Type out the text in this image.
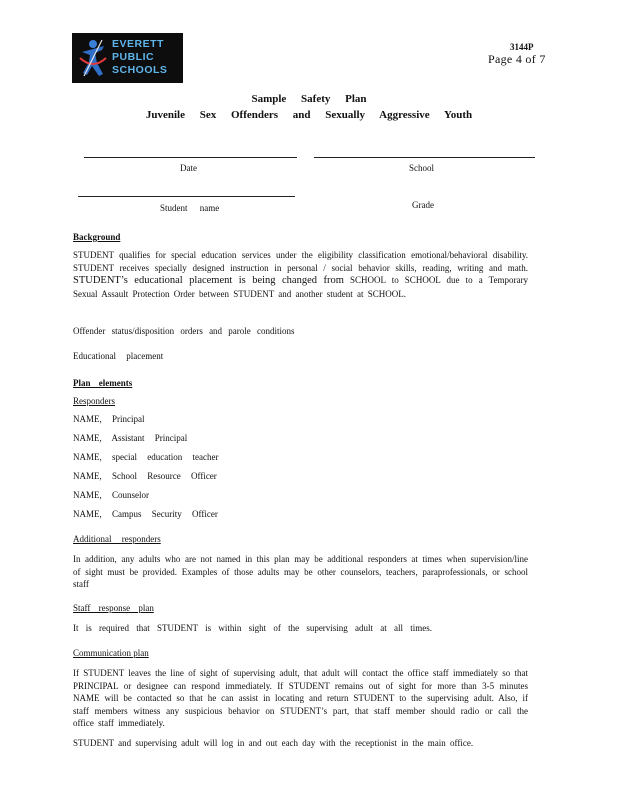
EVERETT
PUBLIC
SCHOOLS
3144P
Page 4 of 7
Sample Safety Plan
Juvenile Sex Offenders and Sexually Aggressive Youth
Date	School
Student name	Grade
Background
STUDENT qualifies for special education services under the eligibility classification emotional/behavioral disability. STUDENT receives specially designed instruction in personal / social behavior skills, reading, writing and math. STUDENT’s educational placement is being changed from SCHOOL to SCHOOL due to a Temporary Sexual Assault Protection Order between STUDENT and another student at SCHOOL.
Offender status/disposition orders and parole conditions
Educational placement
Plan elements
Responders
NAME, Principal
NAME, Assistant Principal
NAME, special education teacher
NAME, School Resource Officer
NAME, Counselor
NAME, Campus Security Officer
Additional responders
In addition, any adults who are not named in this plan may be additional responders at times when supervision/line of sight must be provided. Examples of those adults may be other counselors, teachers, paraprofessionals, or school staff
Staff response plan
It is required that STUDENT is within sight of the supervising adult at all times.
Communication plan
If STUDENT leaves the line of sight of supervising adult, that adult will contact the office staff immediately so that PRINCIPAL or designee can respond immediately. If STUDENT remains out of sight for more than 3-5 minutes NAME will be contacted so that he can assist in locating and return STUDENT to the supervising adult. Also, if staff members witness any suspicious behavior on STUDENT’s part, that staff member should radio or call the office staff immediately.
STUDENT and supervising adult will log in and out each day with the receptionist in the main office.
